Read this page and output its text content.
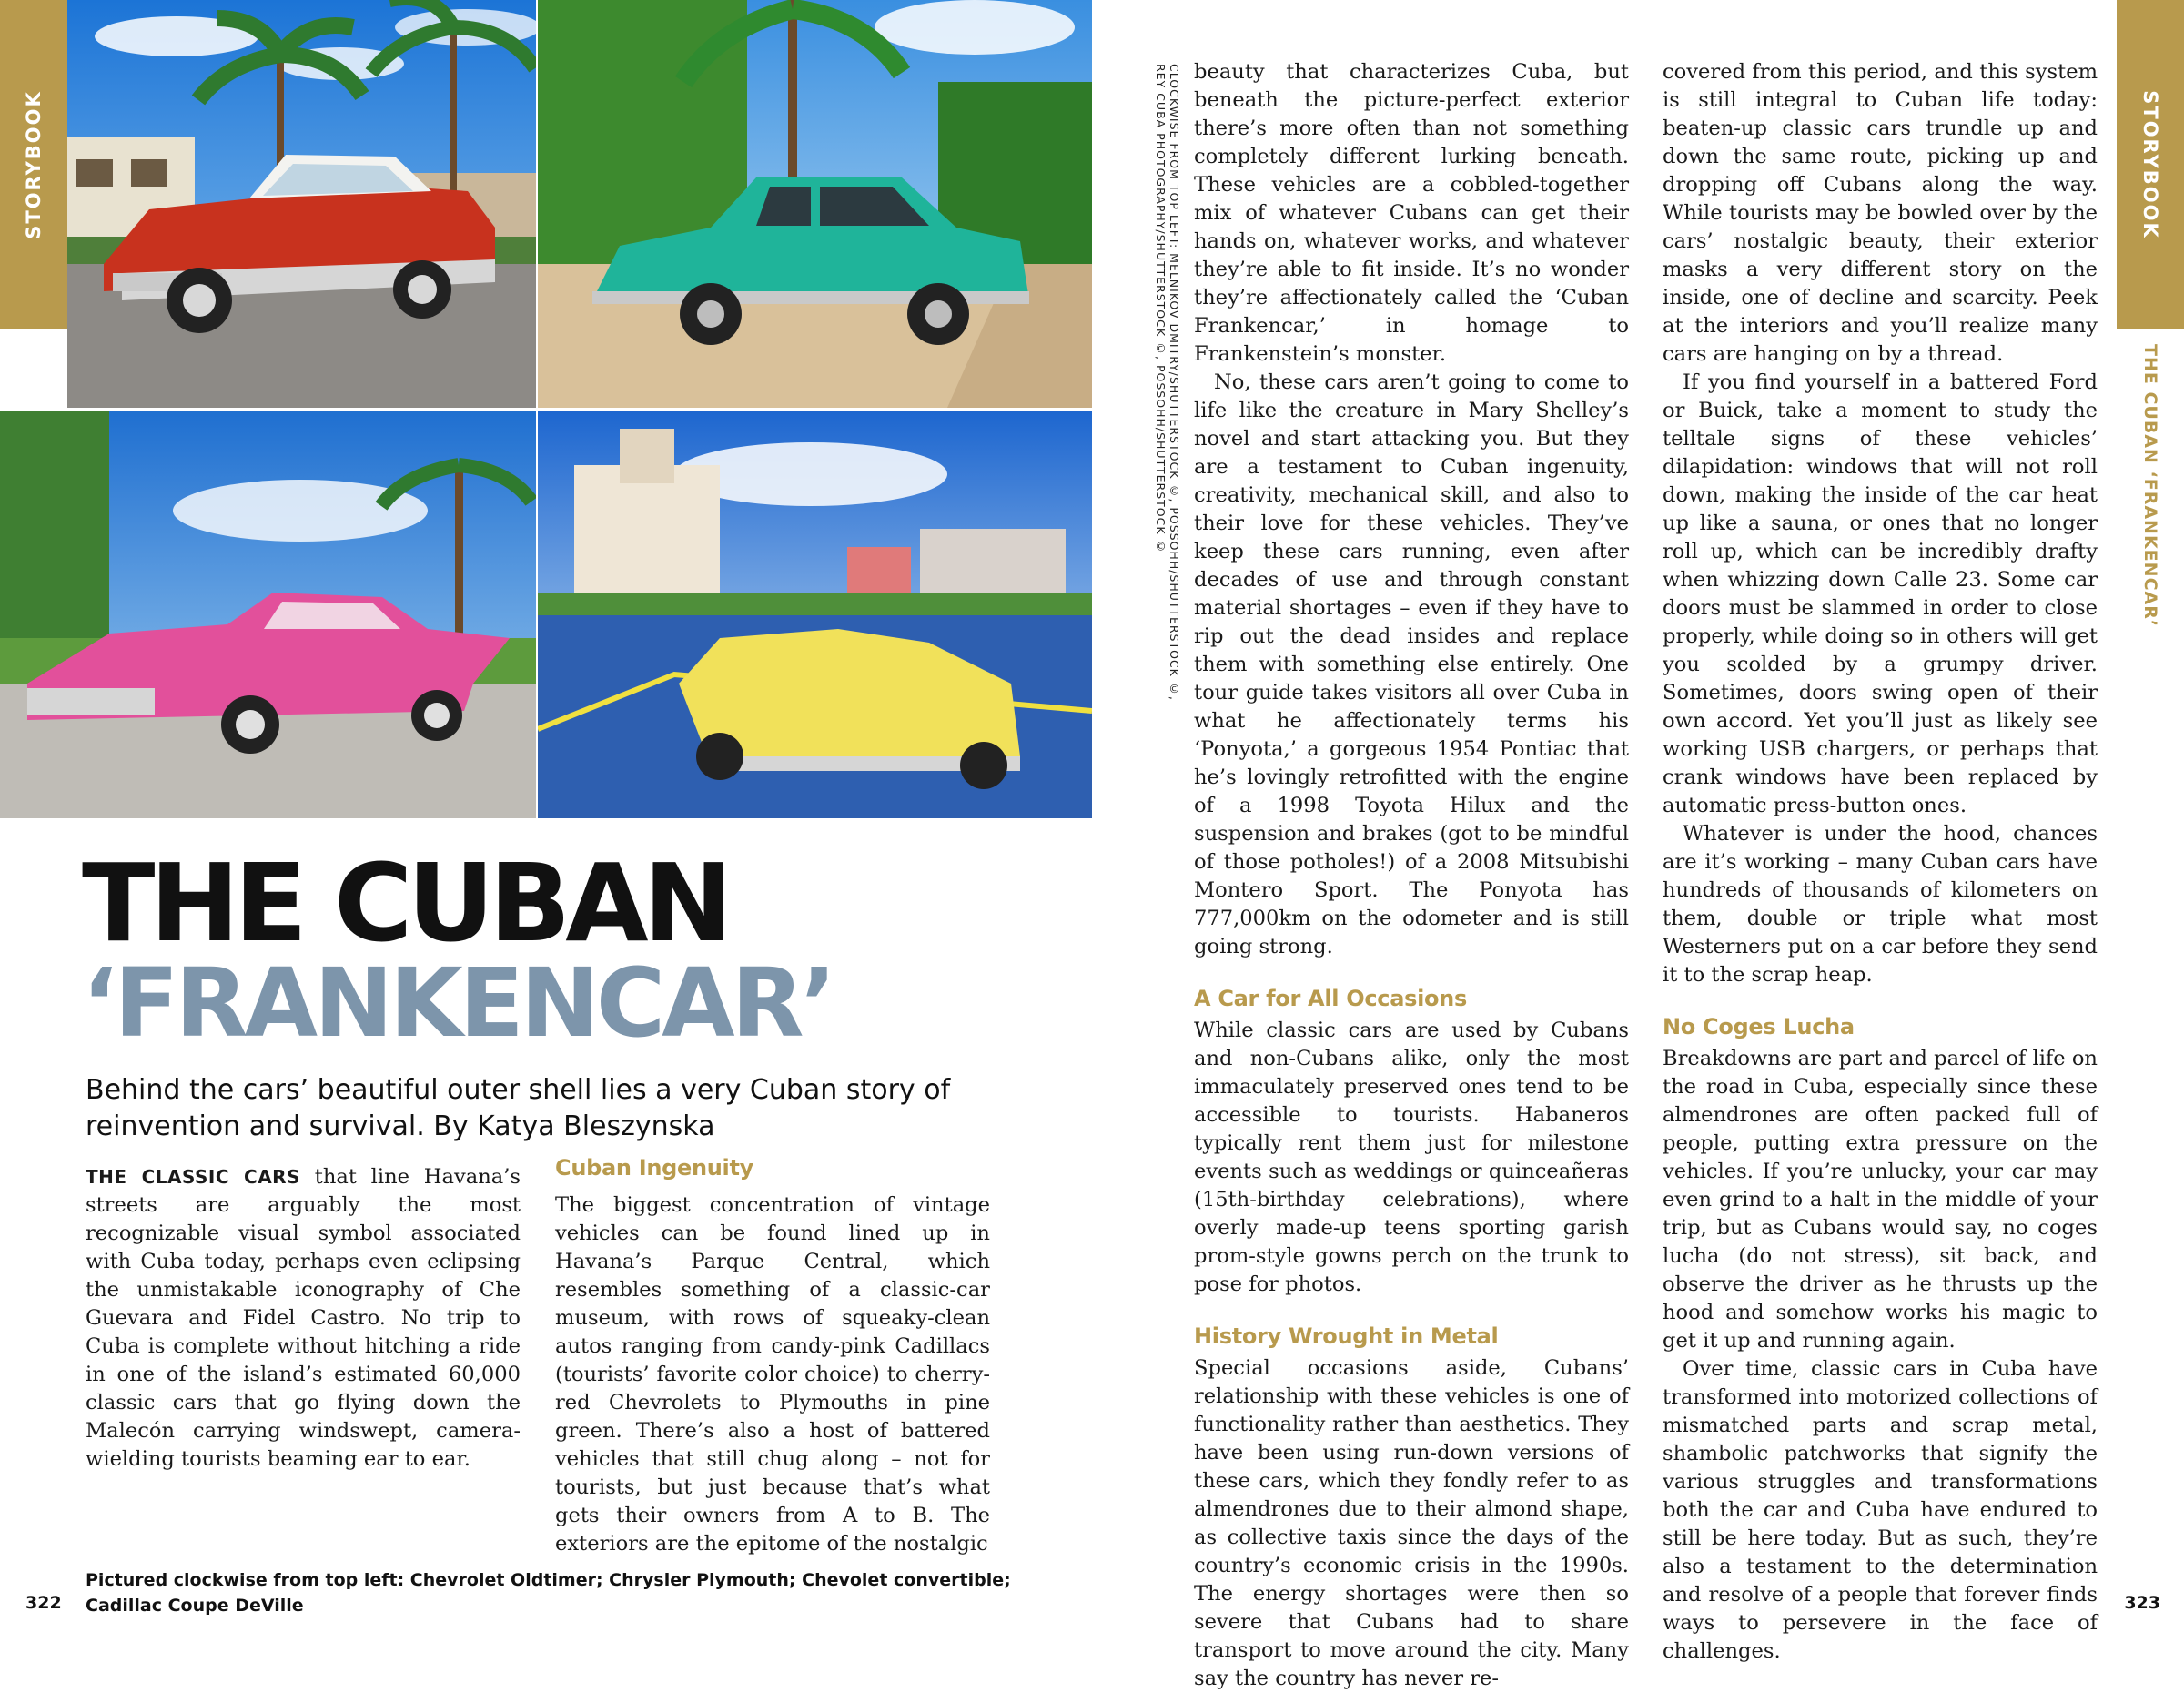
STORYBOOK	STORYBOOK
THE CUBAN ‘FRANKENCAR’
CLOCKWISE FROM TOP LEFT: MELNIKOV DMITRY/SHUTTERSTOCK ©, POSSOHH/SHUTTERSTOCK ©, REY CUBA PHOTOGRAPHY/SHUTTERSTOCK ©, POSSOHH/SHUTTERSTOCK ©
THE CUBAN
‘FRANKENCAR’
Behind the cars’ beautiful outer shell lies a very Cuban story of reinvention and survival. By Katya Bleszynska

THE CLASSIC CARS that line Havana’s streets are arguably the most recognizable visual symbol associated with Cuba today, perhaps even eclipsing the unmistakable iconography of Che Guevara and Fidel Castro. No trip to Cuba is complete without hitching a ride in one of the island’s estimated 60,000 classic cars that go flying down the Malecón carrying windswept, camera-wielding tourists beaming ear to ear.

Cuban Ingenuity

The biggest concentration of vintage vehicles can be found lined up in Havana’s Parque Central, which resembles something of a classic-car museum, with rows of squeaky-clean autos ranging from candy-pink Cadillacs (tourists’ favorite color choice) to cherry-red Chevrolets to Plymouths in pine green. There’s also a host of battered vehicles that still chug along – not for tourists, but just because that’s what gets their owners from A to B. The exteriors are the epitome of the nostalgic

beauty that characterizes Cuba, but beneath the picture-perfect exterior there’s more often than not something completely different lurking beneath. These vehicles are a cobbled-together mix of whatever Cubans can get their hands on, whatever works, and whatever they’re able to fit inside. It’s no wonder they’re affectionately called the ‘Cuban Frankencar,’ in homage to Frankenstein’s monster.

No, these cars aren’t going to come to life like the creature in Mary Shelley’s novel and start attacking you. But they are a testament to Cuban ingenuity, creativity, mechanical skill, and also to their love for these vehicles. They’ve keep these cars running, even after decades of use and through constant material shortages – even if they have to rip out the dead insides and replace them with something else entirely. One tour guide takes visitors all over Cuba in what he affectionately terms his ‘Ponyota,’ a gorgeous 1954 Pontiac that he’s lovingly retrofitted with the engine of a 1998 Toyota Hilux and the suspension and brakes (got to be mindful of those potholes!) of a 2008 Mitsubishi Montero Sport. The Ponyota has 777,000km on the odometer and is still going strong.

A Car for All Occasions

While classic cars are used by Cubans and non-Cubans alike, only the most immaculately preserved ones tend to be accessible to tourists. Habaneros typically rent them just for milestone events such as weddings or quinceañeras (15th-birthday celebrations), where overly made-up teens sporting garish prom-style gowns perch on the trunk to pose for photos.

History Wrought in Metal

Special occasions aside, Cubans’ relationship with these vehicles is one of functionality rather than aesthetics. They have been using run-down versions of these cars, which they fondly refer to as almendrones due to their almond shape, as collective taxis since the days of the country’s economic crisis in the 1990s. The energy shortages were then so severe that Cubans had to share transport to move around the city. Many say the country has never re-

covered from this period, and this system is still integral to Cuban life today: beaten-up classic cars trundle up and down the same route, picking up and dropping off Cubans along the way. While tourists may be bowled over by the cars’ nostalgic beauty, their exterior masks a very different story on the inside, one of decline and scarcity. Peek at the interiors and you’ll realize many cars are hanging on by a thread.

If you find yourself in a battered Ford or Buick, take a moment to study the telltale signs of these vehicles’ dilapidation: windows that will not roll down, making the inside of the car heat up like a sauna, or ones that no longer roll up, which can be incredibly drafty when whizzing down Calle 23. Some car doors must be slammed in order to close properly, while doing so in others will get you scolded by a grumpy driver. Sometimes, doors swing open of their own accord. Yet you’ll just as likely see working USB chargers, or perhaps that crank windows have been replaced by automatic press-button ones.

Whatever is under the hood, chances are it’s working – many Cuban cars have hundreds of thousands of kilometers on them, double or triple what most Westerners put on a car before they send it to the scrap heap.

No Coges Lucha

Breakdowns are part and parcel of life on the road in Cuba, especially since these almendrones are often packed full of people, putting extra pressure on the vehicles. If you’re unlucky, your car may even grind to a halt in the middle of your trip, but as Cubans would say, no coges lucha (do not stress), sit back, and observe the driver as he thrusts up the hood and somehow works his magic to get it up and running again.

Over time, classic cars in Cuba have transformed into motorized collections of mismatched parts and scrap metal, shambolic patchworks that signify the various struggles and transformations both the car and Cuba have endured to still be here today. But as such, they’re also a testament to the determination and resolve of a people that forever finds ways to persevere in the face of challenges.

Pictured clockwise from top left: Chevrolet Oldtimer; Chrysler Plymouth; Chevolet convertible; Cadillac Coupe DeVille
322	323
